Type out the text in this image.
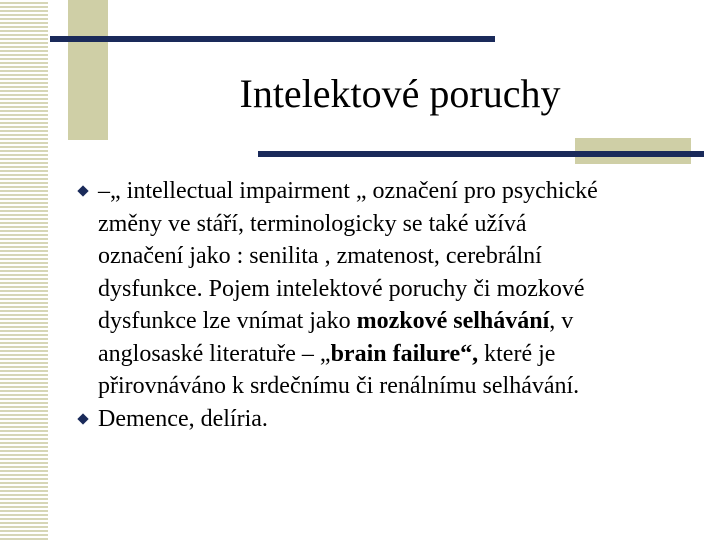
Intelektové poruchy
–„ intellectual impairment „ označení pro psychické
změny ve stáří, terminologicky se také užívá
označení jako : senilita , zmatenost, cerebrální
dysfunkce. Pojem intelektové poruchy či mozkové
dysfunkce lze vnímat jako mozkové selhávání, v
anglosaské literatuře – „brain failure“, které je
přirovnáváno k srdečnímu či renálnímu selhávání.
Demence, delíria.
